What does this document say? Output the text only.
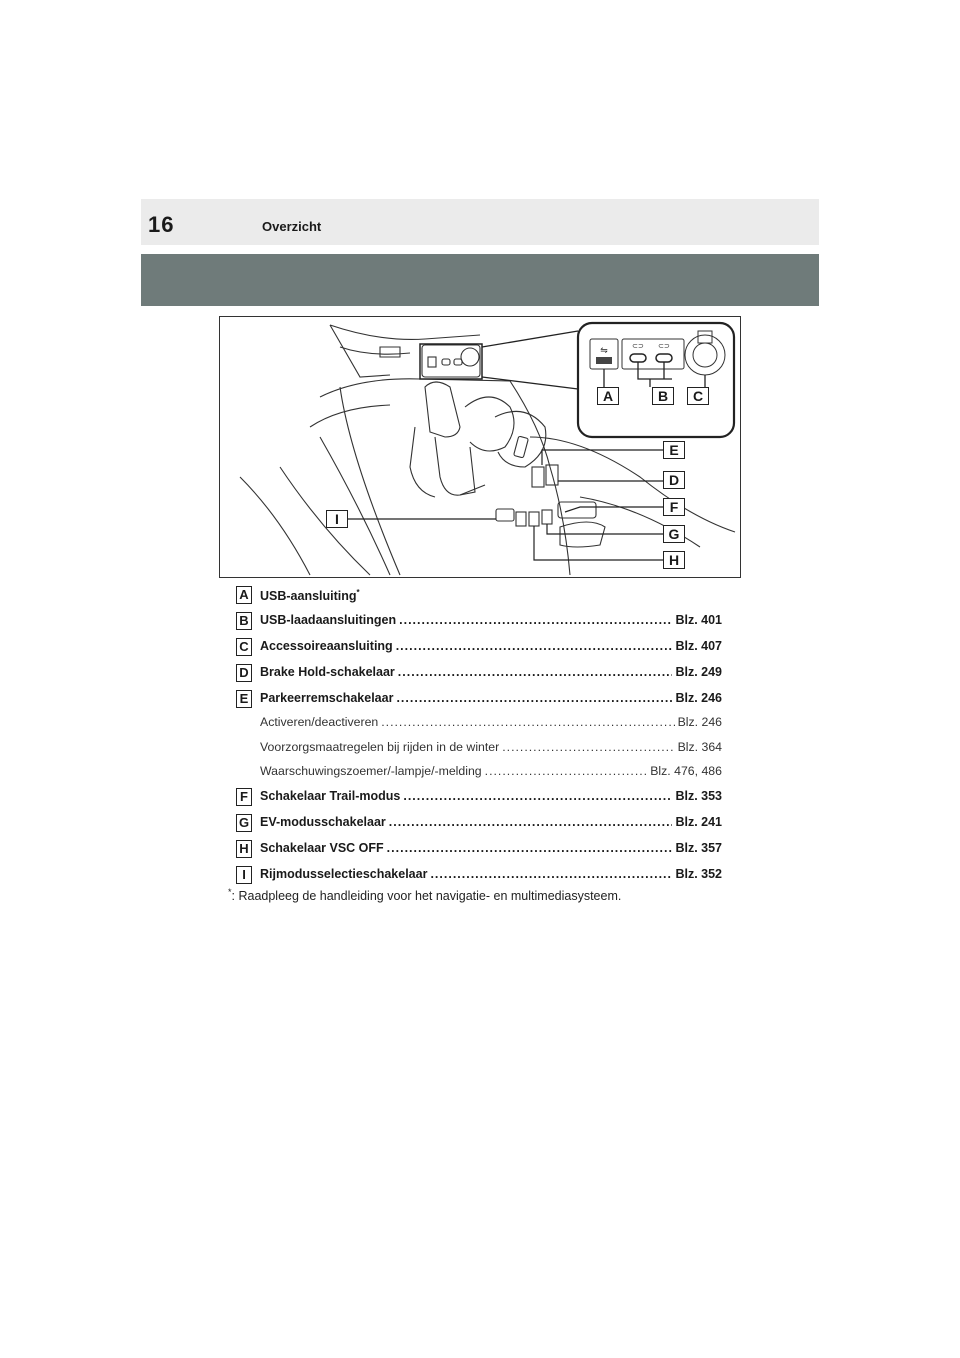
16	Overzicht
⇋	⊂⊃ ⊂⊃
A	B	C
D
E
F
G
H
I
A USB-aansluiting*
B USB-laadaansluitingen .....	Blz. 401
C Accessoireaansluiting .....	Blz. 407
D Brake Hold-schakelaar .....	Blz. 249
E Parkeerremschakelaar .....	Blz. 246
Activeren/deactiveren .....	Blz. 246
Voorzorgsmaatregelen bij rijden in de winter .....	Blz. 364
Waarschuwingszoemer/-lampje/-melding .....	Blz. 476, 486
F Schakelaar Trail-modus .....	Blz. 353
G EV-modusschakelaar .....	Blz. 241
H Schakelaar VSC OFF .....	Blz. 357
I	Rijmodusselectieschakelaar .....	Blz. 352
*: Raadpleeg de handleiding voor het navigatie- en multimediasysteem.
